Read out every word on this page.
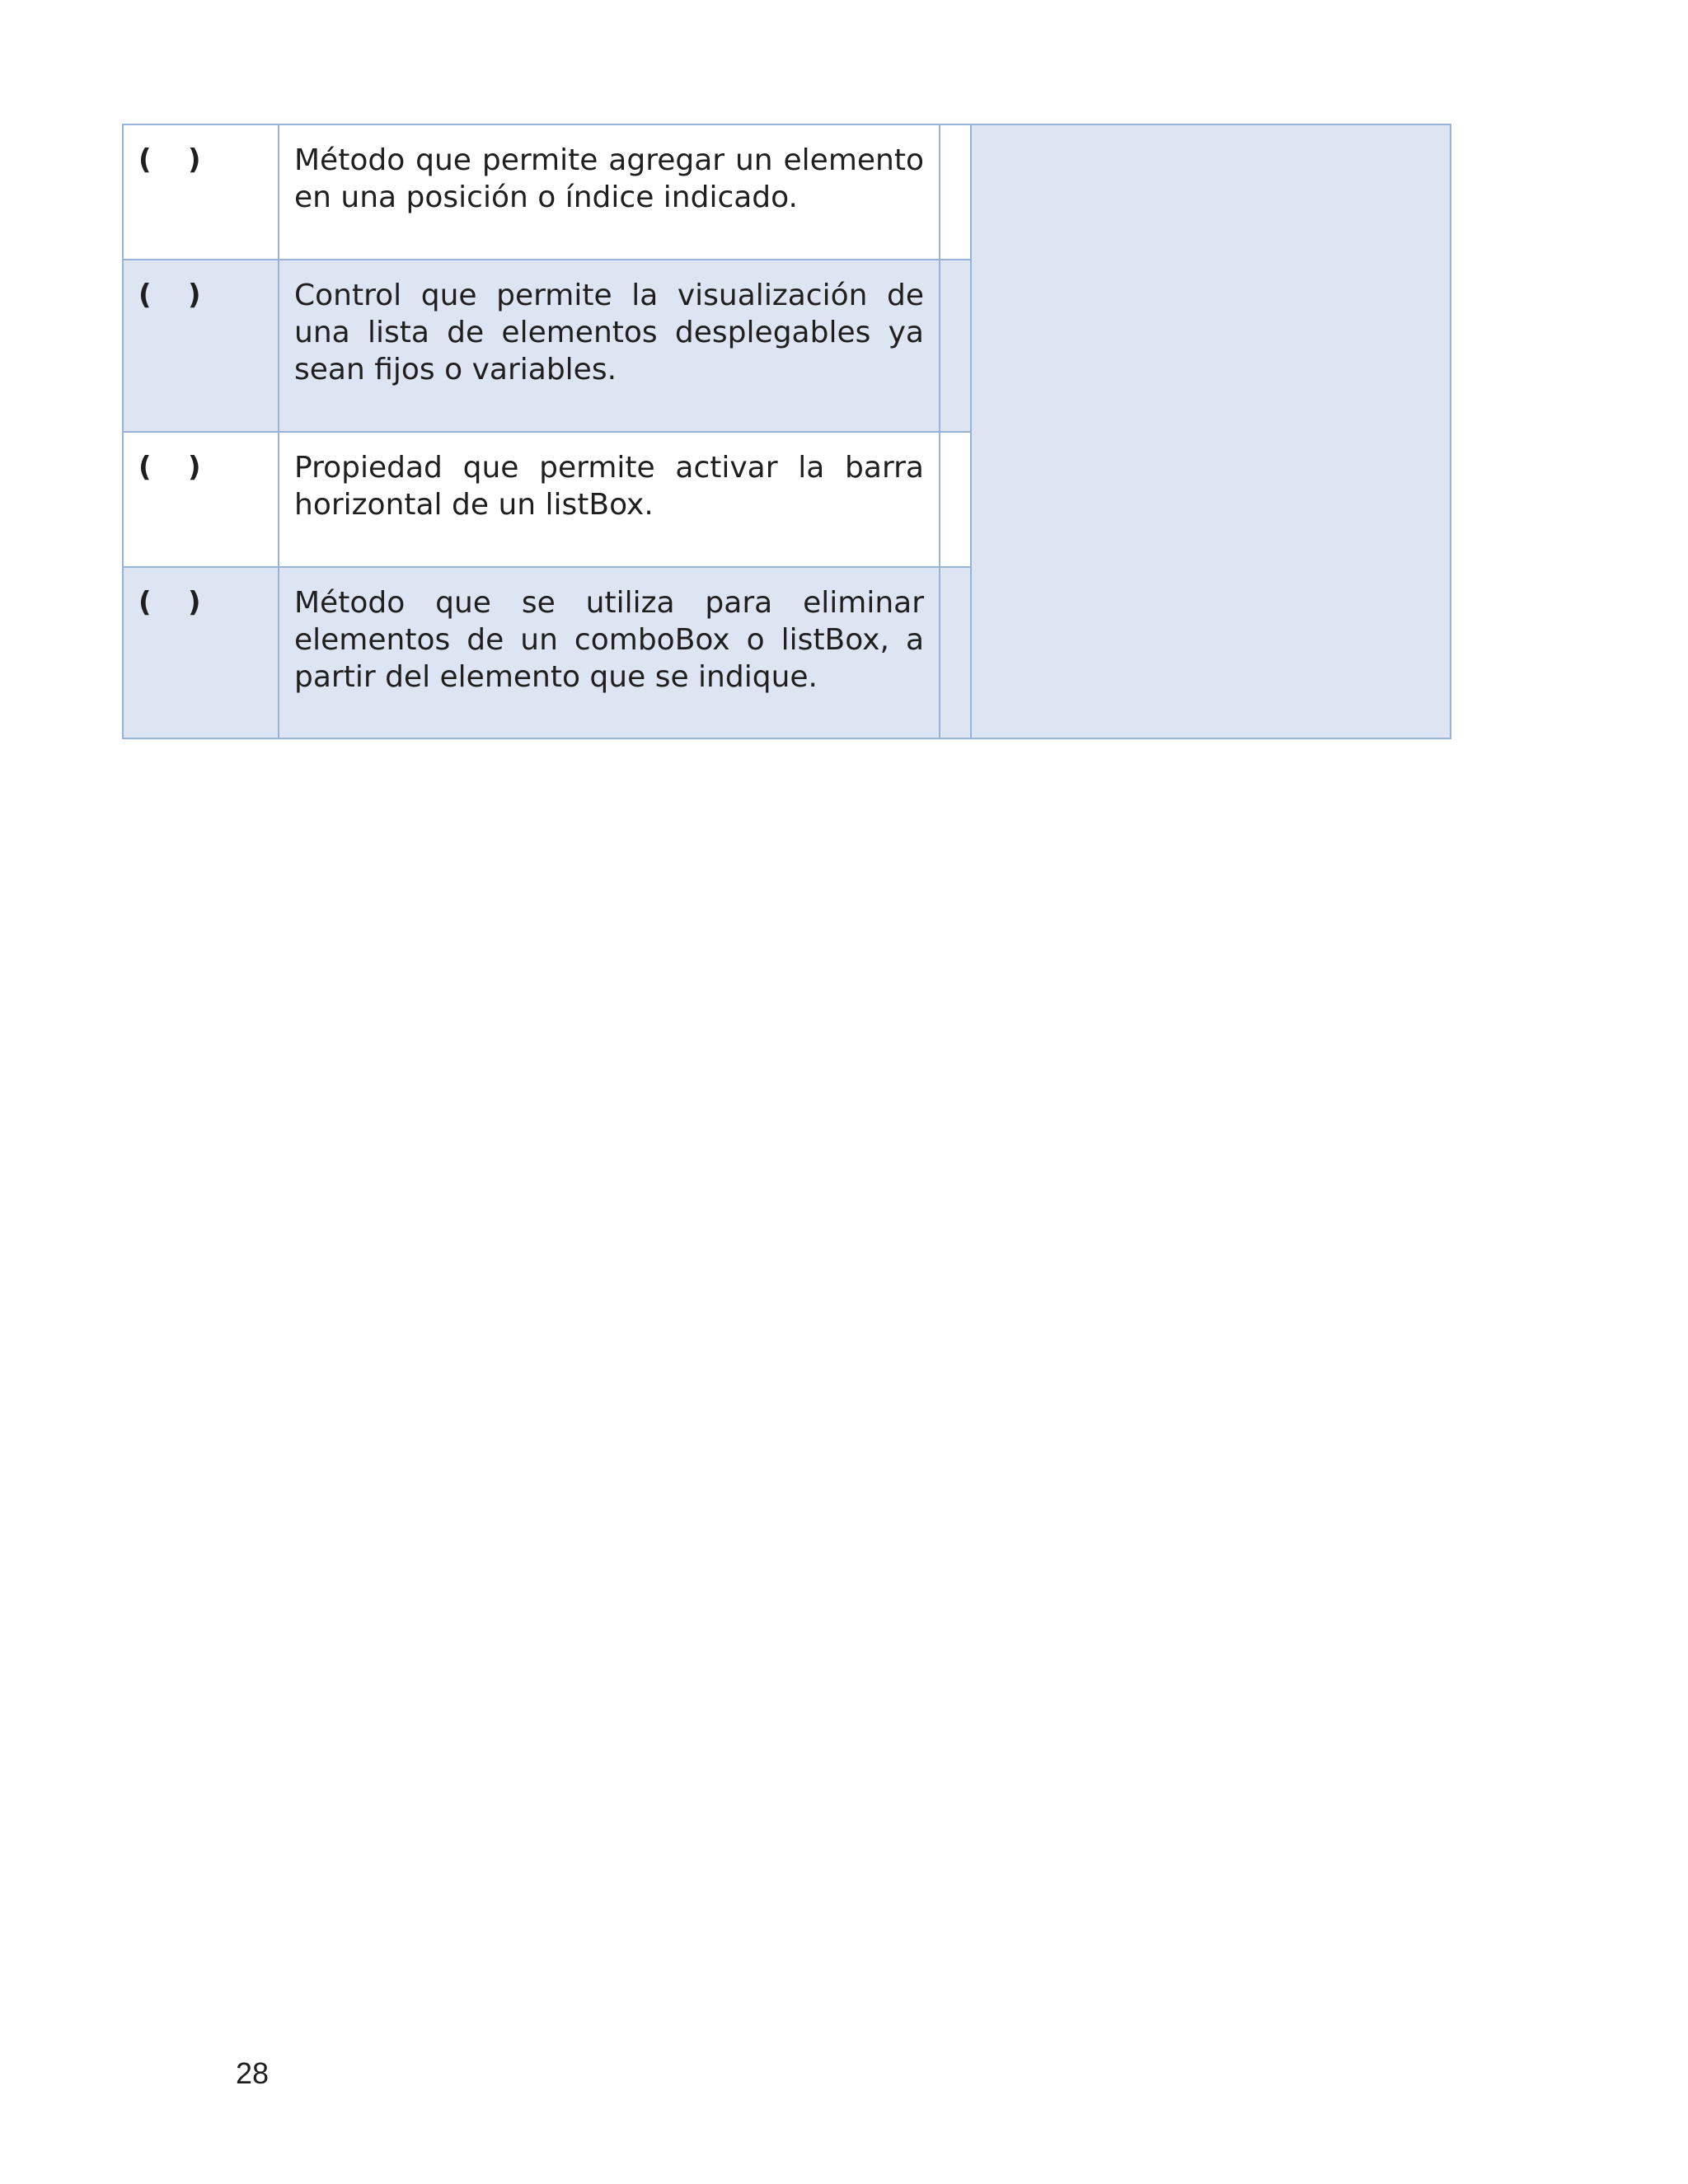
( )	Método que permite agregar un elemento en una posición o índice indicado.		
( )	Control que permite la visualización de una lista de elementos desplegables ya sean fijos o variables.		
( )	Propiedad que permite activar la barra horizontal de un listBox.		
( )	Método que se utiliza para eliminar elementos de un comboBox o listBox, a partir del elemento que se indique.		
28
